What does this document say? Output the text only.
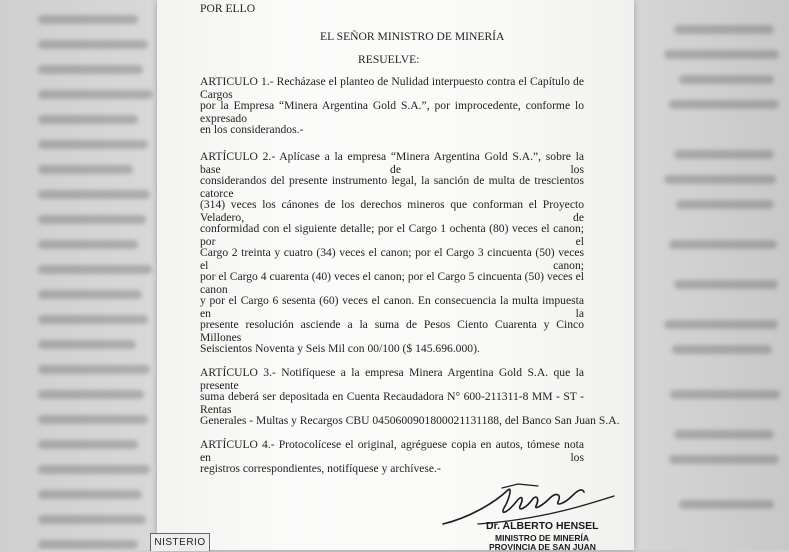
POR ELLO
EL SEÑOR MINISTRO DE MINERÍA
RESUELVE:
ARTICULO 1.- Recházase el planteo de Nulidad interpuesto contra el Capítulo de Cargos
por la Empresa “Minera Argentina Gold S.A.”, por improcedente, conforme lo expresado
en los considerandos.-
ARTÍCULO 2.- Aplícase a la empresa “Minera Argentina Gold S.A.”, sobre la base de los
considerandos del presente instrumento legal, la sanción de multa de trescientos catorce
(314) veces los cánones de los derechos mineros que conforman el Proyecto Veladero, de
conformidad con el siguiente detalle; por el Cargo 1 ochenta (80) veces el canon; por el
Cargo 2 treinta y cuatro (34) veces el canon; por el Cargo 3 cincuenta (50) veces el canon;
por el Cargo 4 cuarenta (40) veces el canon; por el Cargo 5 cincuenta (50) veces el canon
y por el Cargo 6 sesenta (60) veces el canon. En consecuencia la multa impuesta en la
presente resolución asciende a la suma de Pesos Ciento Cuarenta y Cinco Millones
Seiscientos Noventa y Seis Mil con 00/100 ($ 145.696.000).
ARTÍCULO 3.- Notifíquese a la empresa Minera Argentina Gold S.A. que la presente
suma deberá ser depositada en Cuenta Recaudadora N° 600-211311-8 MM - ST - Rentas
Generales - Multas y Recargos CBU 0450600901800021131188, del Banco San Juan S.A.
ARTÍCULO 4.- Protocolícese el original, agréguese copia en autos, tómese nota en los
registros correspondientes, notifíquese y archívese.-
Dr. ALBERTO HENSEL
MINISTRO DE MINERÍA
PROVINCIA DE SAN JUAN
NISTERIO
